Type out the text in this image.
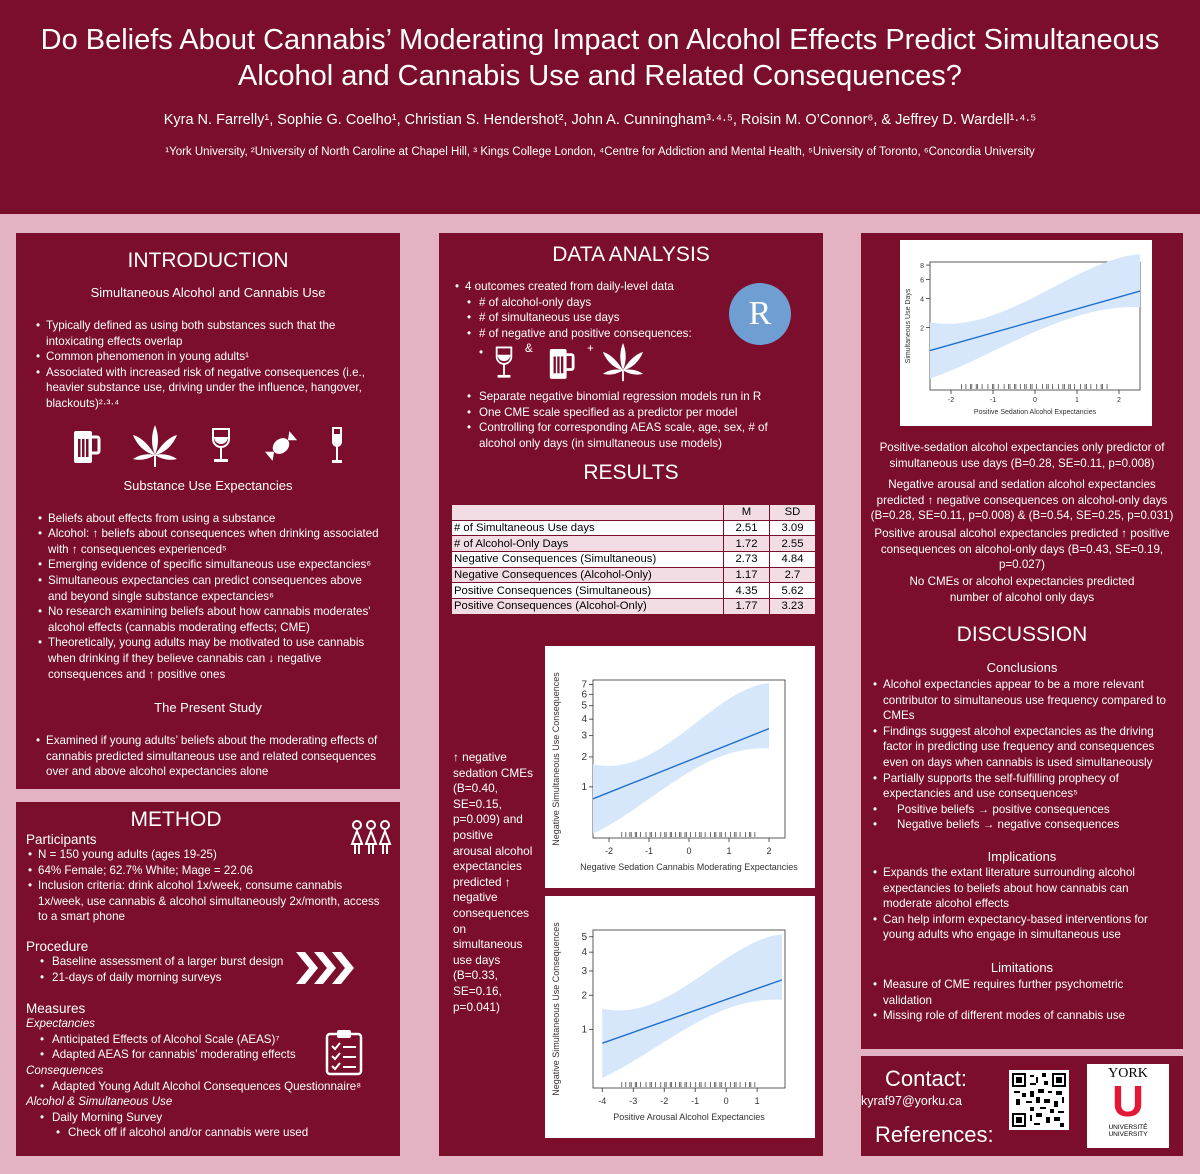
Do Beliefs About Cannabis’ Moderating Impact on Alcohol Effects Predict Simultaneous
Alcohol and Cannabis Use and Related Consequences?
Kyra N. Farrelly¹, Sophie G. Coelho¹, Christian S. Hendershot², John A. Cunningham³·⁴·⁵, Roisin M. O’Connor⁶, & Jeffrey D. Wardell¹·⁴·⁵
¹York University, ²University of North Caroline at Chapel Hill, ³ Kings College London, ⁴Centre for Addiction and Mental Health, ⁵University of Toronto, ⁶Concordia University
INTRODUCTION
Simultaneous Alcohol and Cannabis Use
• Typically defined as using both substances such that the intoxicating effects overlap
• Common phenomenon in young adults¹
• Associated with increased risk of negative consequences (i.e., heavier substance use, driving under the influence, hangover, blackouts)²·³·⁴
Substance Use Expectancies
• Beliefs about effects from using a substance
• Alcohol: ↑ beliefs about consequences when drinking associated with ↑ consequences experienced⁵
• Emerging evidence of specific simultaneous use expectancies⁶
• Simultaneous expectancies can predict consequences above and beyond single substance expectancies⁶
• No research examining beliefs about how cannabis moderates' alcohol effects (cannabis moderating effects; CME)
• Theoretically, young adults may be motivated to use cannabis when drinking if they believe cannabis can ↓ negative consequences and ↑ positive ones
The Present Study
• Examined if young adults’ beliefs about the moderating effects of cannabis predicted simultaneous use and related consequences over and above alcohol expectancies alone
METHOD
Participants
• N = 150 young adults (ages 19-25)
• 64% Female; 62.7% White; Mage = 22.06
• Inclusion criteria: drink alcohol 1x/week, consume cannabis 1x/week, use cannabis & alcohol simultaneously 2x/month, access to a smart phone
Procedure
• Baseline assessment of a larger burst design
• 21-days of daily morning surveys
Measures
Expectancies
• Anticipated Effects of Alcohol Scale (AEAS)⁷
• Adapted AEAS for cannabis’ moderating effects
Consequences
• Adapted Young Adult Alcohol Consequences Questionnaire⁸
Alcohol & Simultaneous Use
• Daily Morning Survey
• Check off if alcohol and/or cannabis were used
DATA ANALYSIS
• 4 outcomes created from daily-level data
• # of alcohol-only days
• # of simultaneous use days
• # of negative and positive consequences:
R
•	&	+
• Separate negative binomial regression models run in R
• One CME scale specified as a predictor per model
• Controlling for corresponding AEAS scale, age, sex, # of alcohol only days (in simultaneous use models)
RESULTS
	M	SD
# of Simultaneous Use days	2.51	3.09
# of Alcohol-Only Days	1.72	2.55
Negative Consequences (Simultaneous)	2.73	4.84
Negative Consequences (Alcohol-Only)	1.17	2.7
Positive Consequences (Simultaneous)	4.35	5.62
Positive Consequences (Alcohol-Only)	1.77	3.23
↑ negative sedation CMEs (B=0.40, SE=0.15, p=0.009) and positive arousal alcohol expectancies predicted ↑ negative consequences on simultaneous use days (B=0.33, SE=0.16, p=0.041)
-2	-1	0	1	2
1
2
3
4
5
6
7
Negative Sedation Cannabis Moderating Expectancies
Negative Simultaneous Use Consequences
-4	-3	-2	-1	0	1
1
2
3
4
5
Positive Arousal Alcohol Expectancies
Negative Simultaneous Use Consequences
Positive-sedation alcohol expectancies only predictor of simultaneous use days (B=0.28, SE=0.11, p=0.008)
Negative arousal and sedation alcohol expectancies predicted ↑ negative consequences on alcohol-only days (B=0.28, SE=0.11, p=0.008) & (B=0.54, SE=0.25, p=0.031)
Positive arousal alcohol expectancies predicted ↑ positive consequences on alcohol-only days (B=0.43, SE=0.19, p=0.027)
No CMEs or alcohol expectancies predicted number of alcohol only days
DISCUSSION
Conclusions
• Alcohol expectancies appear to be a more relevant contributor to simultaneous use frequency compared to CMEs
• Findings suggest alcohol expectancies as the driving factor in predicting use frequency and consequences even on days when cannabis is used simultaneously
• Partially supports the self-fulfilling prophecy of expectancies and use consequences⁵
• Positive beliefs → positive consequences
• Negative beliefs → negative consequences
Implications
• Expands the extant literature surrounding alcohol expectancies to beliefs about how cannabis can moderate alcohol effects
• Can help inform expectancy-based interventions for young adults who engage in simultaneous use
Limitations
• Measure of CME requires further psychometric validation
• Missing role of different modes of cannabis use
-2	-1	0	1	2
2
4
6
8
Positive Sedation Alcohol Expectancies
Simultaneous Use Days
Contact:
kyraf97@yorku.ca
References:
YORK
U
UNIVERSITÉ
UNIVERSITY
